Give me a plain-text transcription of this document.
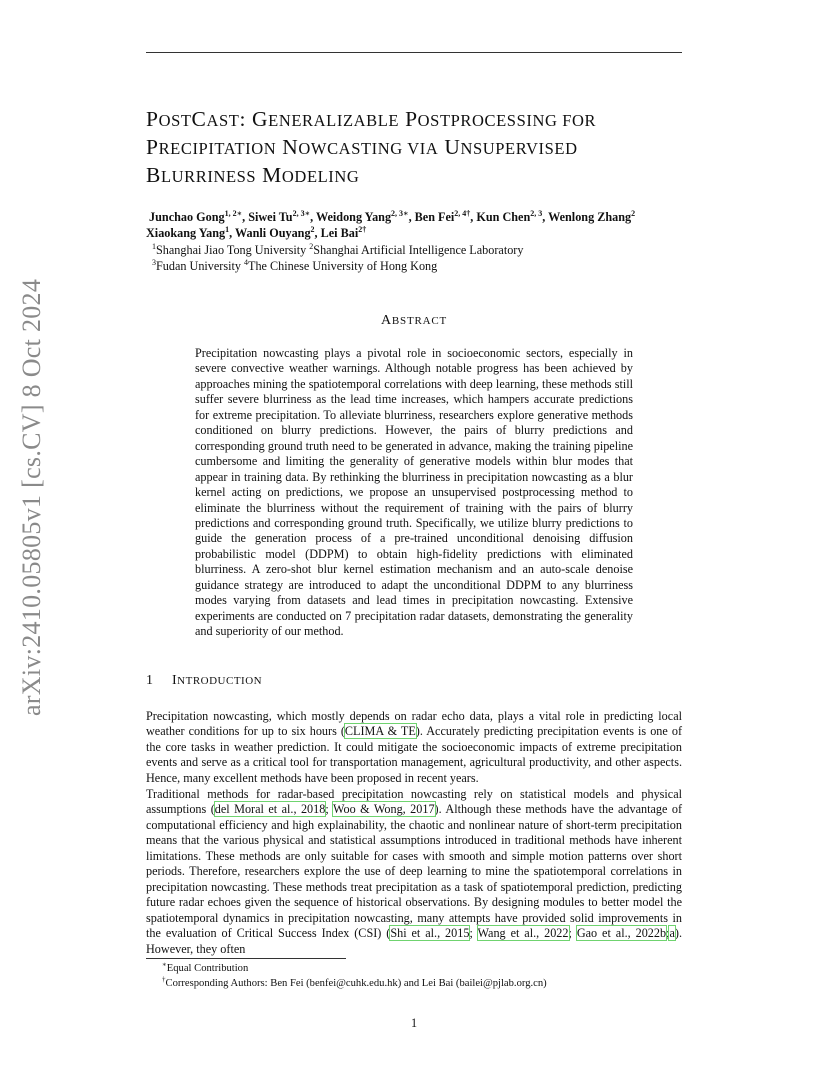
arXiv:2410.05805v1 [cs.CV] 8 Oct 2024
POSTCAST: GENERALIZABLE POSTPROCESSING FOR
PRECIPITATION NOWCASTING VIA UNSUPERVISED
BLURRINESS MODELING
Junchao Gong$^{1, 2∗}$, Siwei $Tu^{2, 3∗}$, Weidong Yang$^{2, 3∗}$, Ben Fei$^{2, 4\dagger}$, Kun Chen$^{2, 3}$, Wenlong Zhang$^2$
Xiaokang Yang$^1$, Wanli Ouyang$^2$, Lei Bai$^{2\dagger}$
$^1$Shanghai Jiao Tong University $^2$Shanghai Artificial Intelligence Laboratory
$^3$Fudan University $^4$The Chinese University of Hong Kong
ABSTRACT

Precipitation nowcasting plays a pivotal role in socioeconomic sectors, especially in severe convective weather warnings. Although notable progress has been achieved by approaches mining the spatiotemporal correlations with deep learning, these methods still suffer severe blurriness as the lead time increases, which hampers accurate predictions for extreme precipitation. To alleviate blurriness, researchers explore generative methods conditioned on blurry predictions. However, the pairs of blurry predictions and corresponding ground truth need to be generated in advance, making the training pipeline cumbersome and limiting the generality of generative models within blur modes that appear in training data. By rethinking the blurriness in precipitation nowcasting as a blur kernel acting on predictions, we propose an unsupervised postprocessing method to eliminate the blurriness without the requirement of training with the pairs of blurry predictions and corresponding ground truth. Specifically, we utilize blurry predictions to guide the generation process of a pre-trained unconditional denoising diffusion probabilistic model (DDPM) to obtain high-fidelity predictions with eliminated blurriness. A zero-shot blur kernel estimation mechanism and an auto-scale denoise guidance strategy are introduced to adapt the unconditional DDPM to any blurriness modes varying from datasets and lead times in precipitation nowcasting. Extensive experiments are conducted on 7 precipitation radar datasets, demonstrating the generality and superiority of our method.

1 INTRODUCTION

Precipitation nowcasting, which mostly depends on radar echo data, plays a vital role in predicting local weather conditions for up to six hours (CLIMA & TE). Accurately predicting precipitation events is one of the core tasks in weather prediction. It could mitigate the socioeconomic impacts of extreme precipitation events and serve as a critical tool for transportation management, agricultural productivity, and other aspects. Hence, many excellent methods have been proposed in recent years.

Traditional methods for radar-based precipitation nowcasting rely on statistical models and physical assumptions (del Moral et al., 2018; Woo & Wong, 2017). Although these methods have the advantage of computational efficiency and high explainability, the chaotic and nonlinear nature of short-term precipitation means that the various physical and statistical assumptions introduced in traditional methods have inherent limitations. These methods are only suitable for cases with smooth and simple motion patterns over short periods. Therefore, researchers explore the use of deep learning to mine the spatiotemporal correlations in precipitation nowcasting. These methods treat precipitation as a task of spatiotemporal prediction, predicting future radar echoes given the sequence of historical observations. By designing modules to better model the spatiotemporal dynamics in precipitation nowcasting, many attempts have provided solid improvements in the evaluation of Critical Success Index (CSI) (Shi et al., 2015; Wang et al., 2022; Gao et al., 2022b;a). However, they often

∗Equal Contribution
†Corresponding Authors: Ben Fei (benfei@cuhk.edu.hk) and Lei Bai (bailei@pjlab.org.cn)
1
